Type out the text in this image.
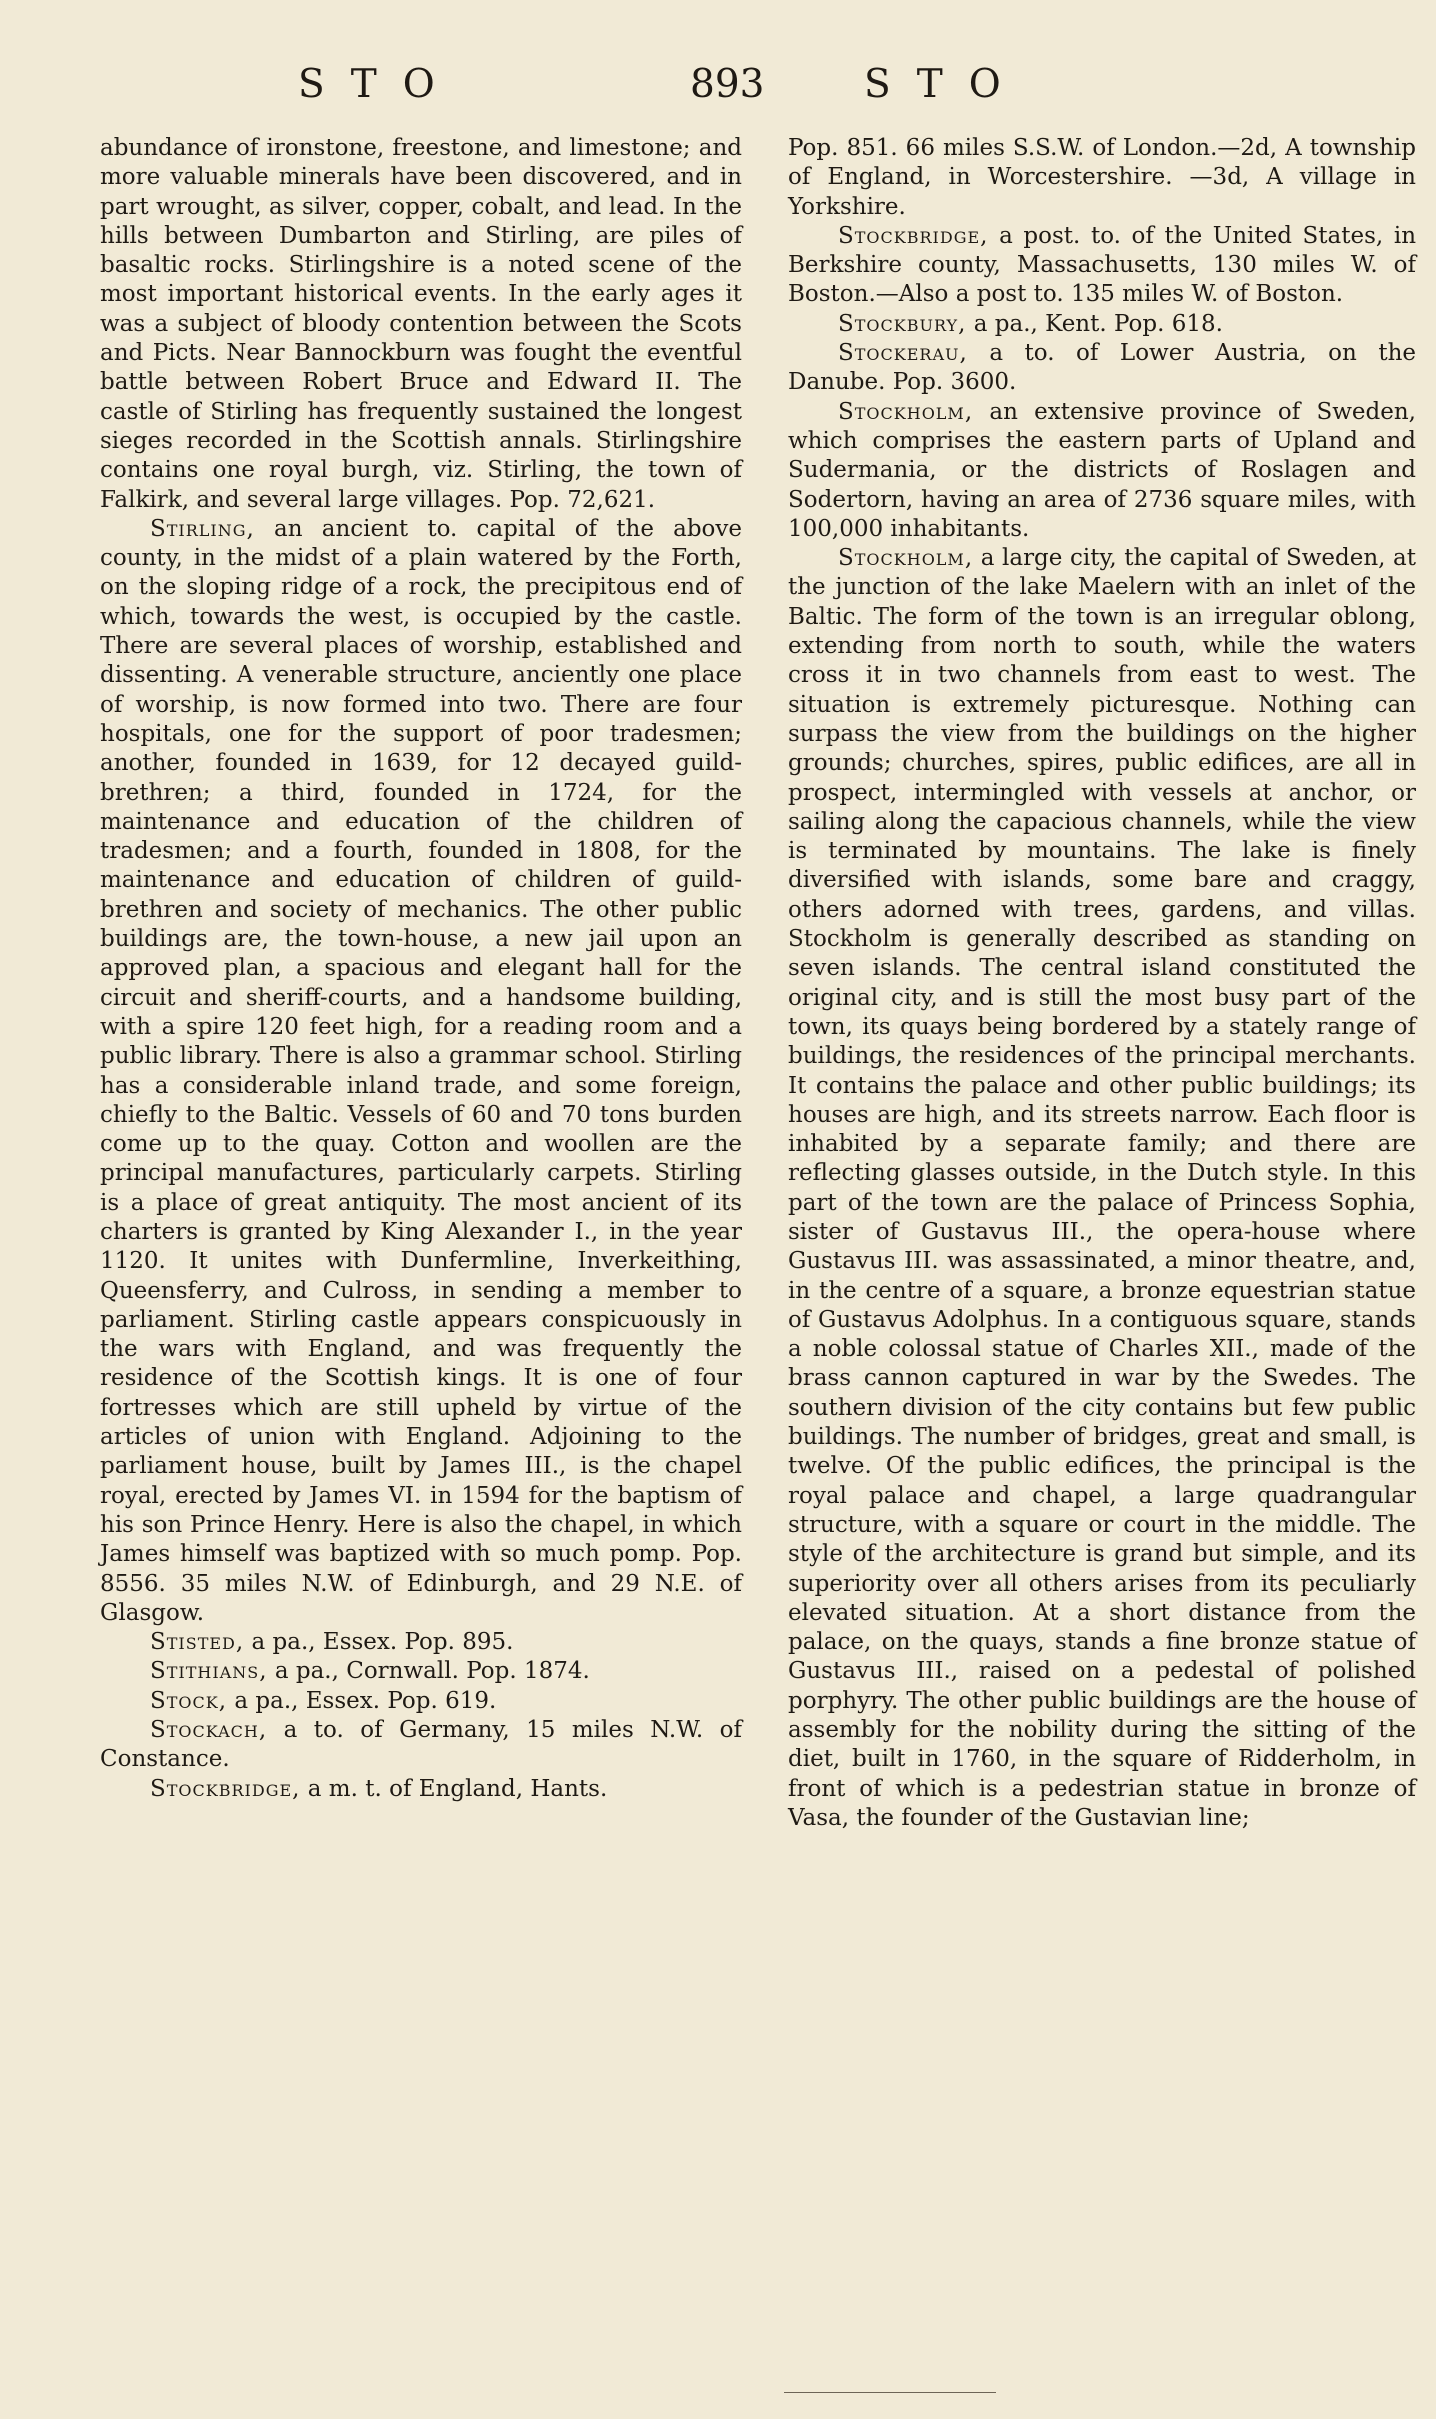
STO	893	STO

abundance of ironstone, freestone, and limestone; and more valuable minerals have been discovered, and in part wrought, as silver, copper, cobalt, and lead. In the hills between Dumbarton and Stirling, are piles of basaltic rocks. Stirlingshire is a noted scene of the most important historical events. In the early ages it was a subject of bloody contention between the Scots and Picts. Near Bannockburn was fought the eventful battle between Robert Bruce and Edward II. The castle of Stirling has frequently sustained the longest sieges recorded in the Scottish annals. Stirlingshire contains one royal burgh, viz. Stirling, the town of Falkirk, and several large villages. Pop. 72,621.

Stirling, an ancient to. capital of the above county, in the midst of a plain watered by the Forth, on the sloping ridge of a rock, the precipitous end of which, towards the west, is occupied by the castle. There are several places of worship, established and dissenting. A venerable structure, anciently one place of worship, is now formed into two. There are four hospitals, one for the support of poor tradesmen; another, founded in 1639, for 12 decayed guild-brethren; a third, founded in 1724, for the maintenance and education of the children of tradesmen; and a fourth, founded in 1808, for the maintenance and education of children of guild-brethren and society of mechanics. The other public buildings are, the town-house, a new jail upon an approved plan, a spacious and elegant hall for the circuit and sheriff-courts, and a handsome building, with a spire 120 feet high, for a reading room and a public library. There is also a grammar school. Stirling has a considerable inland trade, and some foreign, chiefly to the Baltic. Vessels of 60 and 70 tons burden come up to the quay. Cotton and woollen are the principal manufactures, particularly carpets. Stirling is a place of great antiquity. The most ancient of its charters is granted by King Alexander I., in the year 1120. It unites with Dunfermline, Inverkeithing, Queensferry, and Culross, in sending a member to parliament. Stirling castle appears conspicuously in the wars with England, and was frequently the residence of the Scottish kings. It is one of four fortresses which are still upheld by virtue of the articles of union with England. Adjoining to the parliament house, built by James III., is the chapel royal, erected by James VI. in 1594 for the baptism of his son Prince Henry. Here is also the chapel, in which James himself was baptized with so much pomp. Pop. 8556. 35 miles N.W. of Edinburgh, and 29 N.E. of Glasgow.

Stisted, a pa., Essex. Pop. 895.

Stithians, a pa., Cornwall. Pop. 1874.

Stock, a pa., Essex. Pop. 619.

Stockach, a to. of Germany, 15 miles N.W. of Constance.

Stockbridge, a m. t. of England, Hants.

Pop. 851. 66 miles S.S.W. of London.—2d, A township of England, in Worcestershire. —3d, A village in Yorkshire.

Stockbridge, a post. to. of the United States, in Berkshire county, Massachusetts, 130 miles W. of Boston.—Also a post to. 135 miles W. of Boston.

Stockbury, a pa., Kent. Pop. 618.

Stockerau, a to. of Lower Austria, on the Danube. Pop. 3600.

Stockholm, an extensive province of Sweden, which comprises the eastern parts of Upland and Sudermania, or the districts of Roslagen and Sodertorn, having an area of 2736 square miles, with 100,000 inhabitants.

Stockholm, a large city, the capital of Sweden, at the junction of the lake Maelern with an inlet of the Baltic. The form of the town is an irregular oblong, extending from north to south, while the waters cross it in two channels from east to west. The situation is extremely picturesque. Nothing can surpass the view from the buildings on the higher grounds; churches, spires, public edifices, are all in prospect, intermingled with vessels at anchor, or sailing along the capacious channels, while the view is terminated by mountains. The lake is finely diversified with islands, some bare and craggy, others adorned with trees, gardens, and villas. Stockholm is generally described as standing on seven islands. The central island constituted the original city, and is still the most busy part of the town, its quays being bordered by a stately range of buildings, the residences of the principal merchants. It contains the palace and other public buildings; its houses are high, and its streets narrow. Each floor is inhabited by a separate family; and there are reflecting glasses outside, in the Dutch style. In this part of the town are the palace of Princess Sophia, sister of Gustavus III., the opera-house where Gustavus III. was assassinated, a minor theatre, and, in the centre of a square, a bronze equestrian statue of Gustavus Adolphus. In a contiguous square, stands a noble colossal statue of Charles XII., made of the brass cannon captured in war by the Swedes. The southern division of the city contains but few public buildings. The number of bridges, great and small, is twelve. Of the public edifices, the principal is the royal palace and chapel, a large quadrangular structure, with a square or court in the middle. The style of the architecture is grand but simple, and its superiority over all others arises from its peculiarly elevated situation. At a short distance from the palace, on the quays, stands a fine bronze statue of Gustavus III., raised on a pedestal of polished porphyry. The other public buildings are the house of assembly for the nobility during the sitting of the diet, built in 1760, in the square of Ridderholm, in front of which is a pedestrian statue in bronze of Vasa, the founder of the Gustavian line;
